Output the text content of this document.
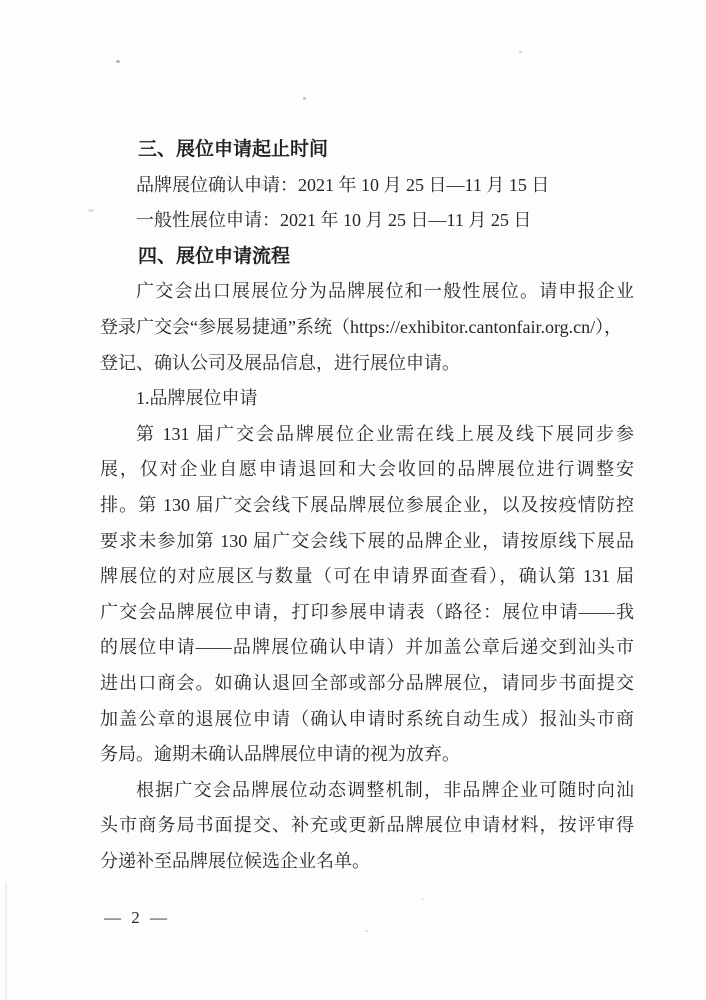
三、展位申请起止时间
品牌展位确认申请：2021 年 10 月 25 日—11 月 15 日
一般性展位申请：2021 年 10 月 25 日—11 月 25 日
四、展位申请流程
广交会出口展展位分为品牌展位和一般性展位。请申报企业
登录广交会“参展易捷通”系统（https://exhibitor.cantonfair.org.cn/），
登记、确认公司及展品信息，进行展位申请。
1.品牌展位申请
第 131 届广交会品牌展位企业需在线上展及线下展同步参
展，仅对企业自愿申请退回和大会收回的品牌展位进行调整安
排。第 130 届广交会线下展品牌展位参展企业，以及按疫情防控
要求未参加第 130 届广交会线下展的品牌企业，请按原线下展品
牌展位的对应展区与数量（可在申请界面查看），确认第 131 届
广交会品牌展位申请，打印参展申请表（路径：展位申请——我
的展位申请——品牌展位确认申请）并加盖公章后递交到汕头市
进出口商会。如确认退回全部或部分品牌展位，请同步书面提交
加盖公章的退展位申请（确认申请时系统自动生成）报汕头市商
务局。逾期未确认品牌展位申请的视为放弃。
根据广交会品牌展位动态调整机制，非品牌企业可随时向汕
头市商务局书面提交、补充或更新品牌展位申请材料，按评审得
分递补至品牌展位候选企业名单。
— 2 —
